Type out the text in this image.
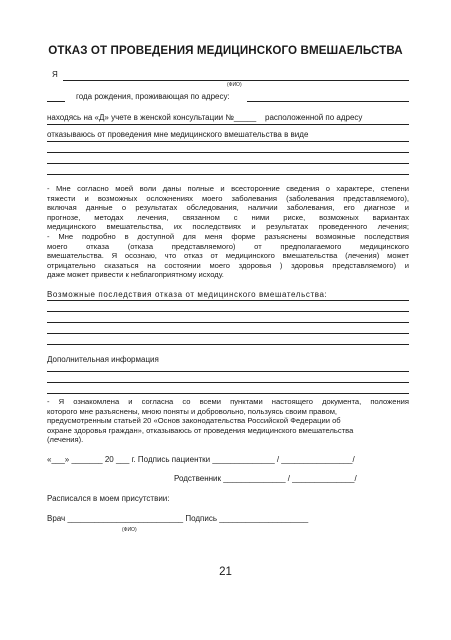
ОТКАЗ ОТ ПРОВЕДЕНИЯ МЕДИЦИНСКОГО ВМЕШАЕЛЬСТВА
Я
(ФИО)
года рождения, проживающая по адресу:
находясь на «Д» учете в женской консультации №_____ расположенной по адресу
отказываюсь от проведения мне медицинского вмешательства в виде
- Мне согласно моей воли даны полные и всесторонние сведения о характере, степени
тяжести и возможных осложнениях моего заболевания (заболевания представляемого),
включая данные о результатах обследования, наличии заболевания, его диагнозе и
прогнозе, методах лечения, связанном с ними риске, возможных вариантах
медицинского вмешательства, их последствиях и результатах проведенного лечения;
- Мне подробно в доступной для меня форме разъяснены возможные последствия
моего отказа (отказа представляемого) от предполагаемого медицинского
вмешательства. Я осознаю, что отказ от медицинского вмешательства (лечения) может
отрицательно сказаться на состоянии моего здоровья ) здоровья представляемого) и
даже может привести к неблагоприятному исходу.
Возможные последствия отказа от медицинского вмешательства:
Дополнительная информация
- Я ознакомлена и согласна со всеми пунктами настоящего документа, положения
которого мне разъяснены, мною поняты и добровольно, пользуясь своим правом,
предусмотренным статьей 20 «Основ законодательства Российской Федерации об
охране здоровья граждан», отказываюсь от проведения медицинского вмешательства
(лечения).
«___» _______ 20 ___ г. Подпись пациентки ______________ / ________________/
Родственник ______________ / ______________/
Расписался в моем присутствии:
Врач __________________________ Подпись ____________________
(ФИО)
21
